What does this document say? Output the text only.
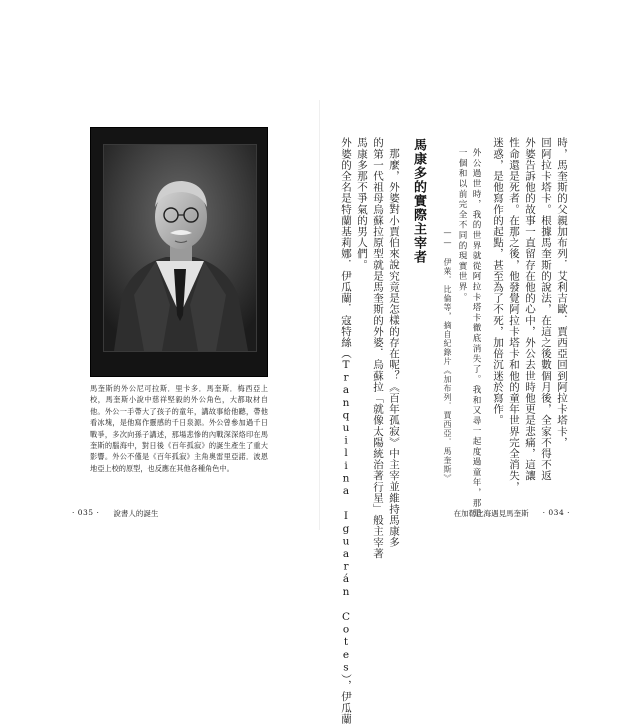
馬奎斯的外公尼可拉斯．里卡多．馬奎斯．梅西亞上校，馬奎斯小說中慈祥堅毅的外公角色，大都取材自他。外公一手帶大了孩子的童年，講故事給他聽，帶他看冰塊，是他寫作靈感的千日泉源。外公曾參加過千日戰爭，多次向孫子講述，那場悲慘的內戰深深烙印在馬奎斯的腦海中，對日後《百年孤寂》的誕生產生了重大影響。外公不僅是《百年孤寂》主角奧雷里亞諾．波恩地亞上校的原型，也反應在其他各種角色中。

· 035 · 說書人的誕生

時，馬奎斯的父親加布列．艾利吉歐．賈西亞回到阿拉卡塔卡，

回阿拉卡塔卡。根據馬奎斯的說法，在這之後數個月後，全家不得不返

外婆告訴他的故事一直留存在他的心中，外公去世時他更是悲痛，這讓

性命還是死者。在那之後，他發覺阿拉卡塔卡和他的童年世界完全消失，

迷惑，是他寫作的起點，甚至為了不死，加倍沉迷於寫作。

外公過世時，我的世界就從阿拉卡塔卡徹底消失了。我和又尋一起度過童年，那是

一個和以前完全不同的現實世界。

—— 伊萊．比倫等，摘自紀錄片《加布列．賈西亞．馬奎斯》

馬康多的實際主宰者

那麼，外婆對小賈伯來說究竟是怎樣的存在呢？《百年孤寂》中主宰並維持馬康多

的第一代祖母烏蘇拉原型就是馬奎斯的外婆．烏蘇拉「就像太陽統治著行星」般主宰著

馬康多那不爭氣的男人們。

外婆的全名是特蘭基莉娜．伊瓜蘭．寇特絲（Tranquilina Iguarán Cotes），伊瓜蘭	在加勒比海遇見馬奎斯 · 034 ·
